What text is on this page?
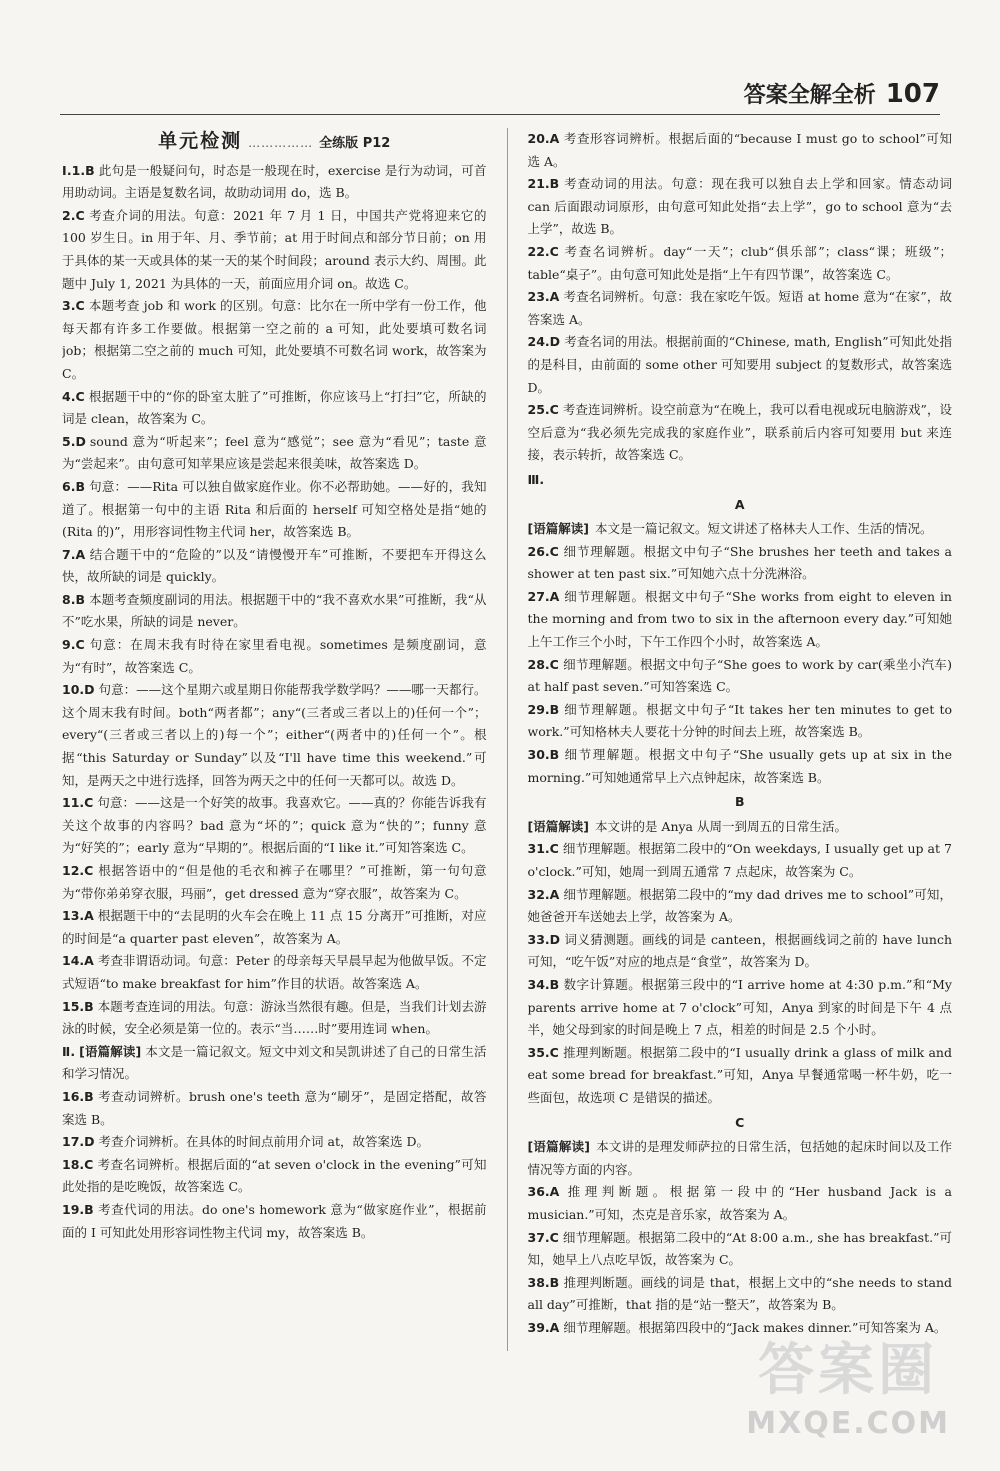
答案全解全析 107
单元检测 …………… 全练版 P12

Ⅰ.1.B 此句是一般疑问句，时态是一般现在时，exercise 是行为动词，可首用助动词。主语是复数名词，故助动词用 do，选 B。

2.C 考查介词的用法。句意：2021 年 7 月 1 日，中国共产党将迎来它的 100 岁生日。in 用于年、月、季节前；at 用于时间点和部分节日前；on 用于具体的某一天或具体的某一天的某个时间段；around 表示大约、周围。此题中 July 1, 2021 为具体的一天，前面应用介词 on。故选 C。

3.C 本题考查 job 和 work 的区别。句意：比尔在一所中学有一份工作，他每天都有许多工作要做。根据第一空之前的 a 可知，此处要填可数名词 job；根据第二空之前的 much 可知，此处要填不可数名词 work，故答案为 C。

4.C 根据题干中的“你的卧室太脏了”可推断，你应该马上“打扫”它，所缺的词是 clean，故答案为 C。

5.D sound 意为“听起来”；feel 意为“感觉”；see 意为“看见”；taste 意为“尝起来”。由句意可知苹果应该是尝起来很美味，故答案选 D。

6.B 句意：——Rita 可以独自做家庭作业。你不必帮助她。——好的，我知道了。根据第一句中的主语 Rita 和后面的 herself 可知空格处是指“她的(Rita 的)”，用形容词性物主代词 her，故答案选 B。

7.A 结合题干中的“危险的”以及“请慢慢开车”可推断，不要把车开得这么快，故所缺的词是 quickly。

8.B 本题考查频度副词的用法。根据题干中的“我不喜欢水果”可推断，我“从不”吃水果，所缺的词是 never。

9.C 句意：在周末我有时待在家里看电视。sometimes 是频度副词，意为“有时”，故答案选 C。

10.D 句意：——这个星期六或星期日你能帮我学数学吗？——哪一天都行。这个周末我有时间。both“两者都”；any“(三者或三者以上的)任何一个”；every“(三者或三者以上的)每一个”；either“(两者中的)任何一个”。根据“this Saturday or Sunday”以及“I'll have time this weekend.”可知，是两天之中进行选择，回答为两天之中的任何一天都可以。故选 D。

11.C 句意：——这是一个好笑的故事。我喜欢它。——真的？你能告诉我有关这个故事的内容吗？bad 意为“坏的”；quick 意为“快的”；funny 意为“好笑的”；early 意为“早期的”。根据后面的“I like it.”可知答案选 C。

12.C 根据答语中的“但是他的毛衣和裤子在哪里？”可推断，第一句句意为“带你弟弟穿衣服，玛丽”，get dressed 意为“穿衣服”，故答案为 C。

13.A 根据题干中的“去昆明的火车会在晚上 11 点 15 分离开”可推断，对应的时间是“a quarter past eleven”，故答案为 A。

14.A 考查非谓语动词。句意：Peter 的母亲每天早晨早起为他做早饭。不定式短语“to make breakfast for him”作目的状语。故答案选 A。

15.B 本题考查连词的用法。句意：游泳当然很有趣。但是，当我们计划去游泳的时候，安全必须是第一位的。表示“当……时”要用连词 when。

Ⅱ. [语篇解读] 本文是一篇记叙文。短文中刘文和吴凯讲述了自己的日常生活和学习情况。

16.B 考查动词辨析。brush one's teeth 意为“刷牙”，是固定搭配，故答案选 B。

17.D 考查介词辨析。在具体的时间点前用介词 at，故答案选 D。

18.C 考查名词辨析。根据后面的“at seven o'clock in the evening”可知此处指的是吃晚饭，故答案选 C。

19.B 考查代词的用法。do one's homework 意为“做家庭作业”，根据前面的 I 可知此处用形容词性物主代词 my，故答案选 B。

20.A 考查形容词辨析。根据后面的“because I must go to school”可知选 A。

21.B 考查动词的用法。句意：现在我可以独自去上学和回家。情态动词 can 后面跟动词原形，由句意可知此处指“去上学”，go to school 意为“去上学”，故选 B。

22.C 考查名词辨析。day“一天”；club“俱乐部”；class“课；班级”；table“桌子”。由句意可知此处是指“上午有四节课”，故答案选 C。

23.A 考查名词辨析。句意：我在家吃午饭。短语 at home 意为“在家”，故答案选 A。

24.D 考查名词的用法。根据前面的“Chinese, math, English”可知此处指的是科目，由前面的 some other 可知要用 subject 的复数形式，故答案选 D。

25.C 考查连词辨析。设空前意为“在晚上，我可以看电视或玩电脑游戏”，设空后意为“我必须先完成我的家庭作业”，联系前后内容可知要用 but 来连接，表示转折，故答案选 C。

Ⅲ.
A

[语篇解读] 本文是一篇记叙文。短文讲述了格林夫人工作、生活的情况。

26.C 细节理解题。根据文中句子“She brushes her teeth and takes a shower at ten past six.”可知她六点十分洗淋浴。

27.A 细节理解题。根据文中句子“She works from eight to eleven in the morning and from two to six in the afternoon every day.”可知她上午工作三个小时，下午工作四个小时，故答案选 A。

28.C 细节理解题。根据文中句子“She goes to work by car(乘坐小汽车) at half past seven.”可知答案选 C。

29.B 细节理解题。根据文中句子“It takes her ten minutes to get to work.”可知格林夫人要花十分钟的时间去上班，故答案选 B。

30.B 细节理解题。根据文中句子“She usually gets up at six in the morning.”可知她通常早上六点钟起床，故答案选 B。

B

[语篇解读] 本文讲的是 Anya 从周一到周五的日常生活。

31.C 细节理解题。根据第二段中的“On weekdays, I usually get up at 7 o'clock.”可知，她周一到周五通常 7 点起床，故答案为 C。

32.A 细节理解题。根据第二段中的“my dad drives me to school”可知，她爸爸开车送她去上学，故答案为 A。

33.D 词义猜测题。画线的词是 canteen，根据画线词之前的 have lunch 可知，“吃午饭”对应的地点是“食堂”，故答案为 D。

34.B 数字计算题。根据第三段中的“I arrive home at 4:30 p.m.”和“My parents arrive home at 7 o'clock”可知，Anya 到家的时间是下午 4 点半，她父母到家的时间是晚上 7 点，相差的时间是 2.5 个小时。

35.C 推理判断题。根据第二段中的“I usually drink a glass of milk and eat some bread for breakfast.”可知，Anya 早餐通常喝一杯牛奶，吃一些面包，故选项 C 是错误的描述。

C

[语篇解读] 本文讲的是理发师萨拉的日常生活，包括她的起床时间以及工作情况等方面的内容。

36.A 推理判断题。根据第一段中的“Her husband Jack is a musician.”可知，杰克是音乐家，故答案为 A。

37.C 细节理解题。根据第二段中的“At 8:00 a.m., she has breakfast.”可知，她早上八点吃早饭，故答案为 C。

38.B 推理判断题。画线的词是 that，根据上文中的“she needs to stand all day”可推断，that 指的是“站一整天”，故答案为 B。

39.A 细节理解题。根据第四段中的“Jack makes dinner.”可知答案为 A。

答案圈
MXQE.COM
